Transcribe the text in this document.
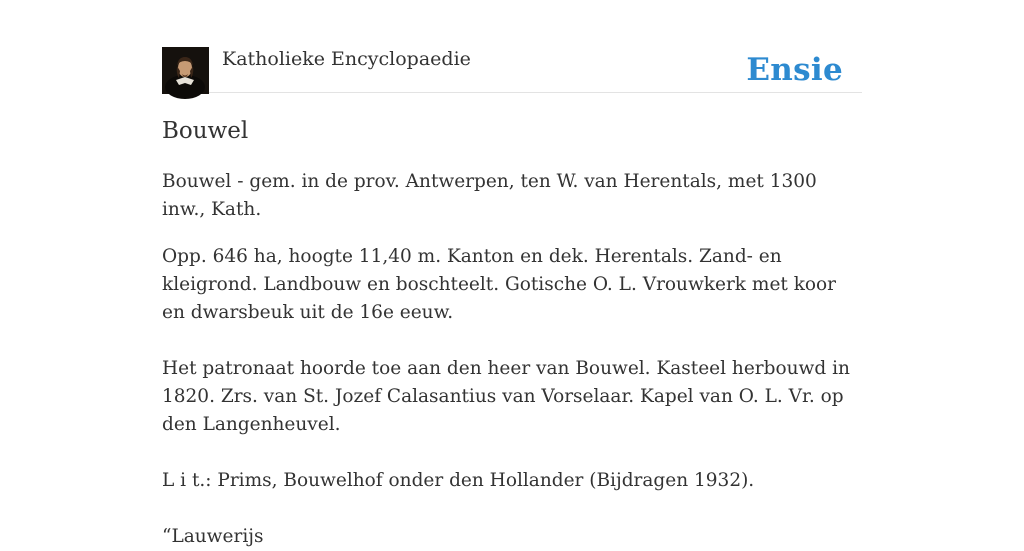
Katholieke Encyclopaedie	Ensie
Bouwel

Bouwel - gem. in de prov. Antwerpen, ten W. van Herentals, met 1300 inw., Kath.

Opp. 646 ha, hoogte 11,40 m. Kanton en dek. Herentals. Zand- en kleigrond. Landbouw en boschteelt. Gotische O. L. Vrouwkerk met koor en dwarsbeuk uit de 16e eeuw.

Het patronaat hoorde toe aan den heer van Bouwel. Kasteel herbouwd in 1820. Zrs. van St. Jozef Calasantius van Vorselaar. Kapel van O. L. Vr. op den Langenheuvel.

L i t.: Prims, Bouwelhof onder den Hollander (Bijdragen 1932).

“Lauwerijs
